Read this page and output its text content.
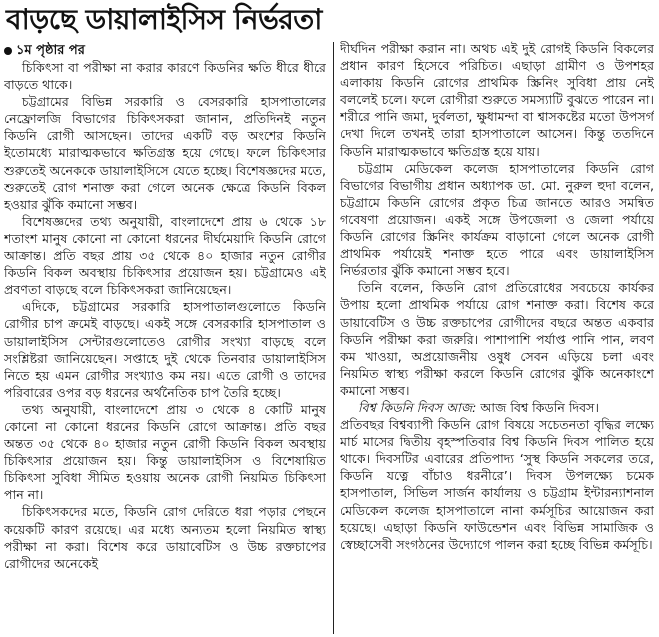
বাড়ছে ডায়ালাইসিস নির্ভরতা
১ম পৃষ্ঠার পর

চিকিৎসা বা পরীক্ষা না করার কারণে কিডনির ক্ষতি ধীরে ধীরে বাড়তে থাকে।

চট্টগ্রামের বিভিন্ন সরকারি ও বেসরকারি হাসপাতালের নেফ্রোলজি বিভাগের চিকিৎসকরা জানান, প্রতিদিনই নতুন কিডনি রোগী আসছেন। তাদের একটি বড় অংশের কিডনি ইতোমধ্যে মারাত্মকভাবে ক্ষতিগ্রস্ত হয়ে গেছে। ফলে চিকিৎসার শুরুতেই অনেককে ডায়ালাইসিসে যেতে হচ্ছে। বিশেষজ্ঞদের মতে, শুরুতেই রোগ শনাক্ত করা গেলে অনেক ক্ষেত্রে কিডনি বিকল হওয়ার ঝুঁকি কমানো সম্ভব।

বিশেষজ্ঞদের তথ্য অনুযায়ী, বাংলাদেশে প্রায় ৬ থেকে ১৮ শতাংশ মানুষ কোনো না কোনো ধরনের দীর্ঘমেয়াদি কিডনি রোগে আক্রান্ত। প্রতি বছর প্রায় ৩৫ থেকে ৪০ হাজার নতুন রোগীর কিডনি বিকল অবস্থায় চিকিৎসার প্রয়োজন হয়। চট্টগ্রামেও এই প্রবণতা বাড়ছে বলে চিকিৎসকরা জানিয়েছেন।

এদিকে, চট্টগ্রামের সরকারি হাসপাতালগুলোতে কিডনি রোগীর চাপ ক্রমেই বাড়ছে। একই সঙ্গে বেসরকারি হাসপাতাল ও ডায়ালাইসিস সেন্টারগুলোতেও রোগীর সংখ্যা বাড়ছে বলে সংশ্লিষ্টরা জানিয়েছেন। সপ্তাহে দুই থেকে তিনবার ডায়ালাইসিস নিতে হয় এমন রোগীর সংখ্যাও কম নয়। এতে রোগী ও তাদের পরিবারের ওপর বড় ধরনের অর্থনৈতিক চাপ তৈরি হচ্ছে।

তথ্য অনুযায়ী, বাংলাদেশে প্রায় ৩ থেকে ৪ কোটি মানুষ কোনো না কোনো ধরনের কিডনি রোগে আক্রান্ত। প্রতি বছর অন্তত ৩৫ থেকে ৪০ হাজার নতুন রোগী কিডনি বিকল অবস্থায় চিকিৎসার প্রয়োজন হয়। কিন্তু ডায়ালাইসিস ও বিশেষায়িত চিকিৎসা সুবিধা সীমিত হওয়ায় অনেক রোগী নিয়মিত চিকিৎসা পান না।

চিকিৎসকদের মতে, কিডনি রোগ দেরিতে ধরা পড়ার পেছনে কয়েকটি কারণ রয়েছে। এর মধ্যে অন্যতম হলো নিয়মিত স্বাস্থ্য পরীক্ষা না করা। বিশেষ করে ডায়াবেটিস ও উচ্চ রক্তচাপের রোগীদের অনেকেই

দীর্ঘদিন পরীক্ষা করান না। অথচ এই দুই রোগই কিডনি বিকলের প্রধান কারণ হিসেবে পরিচিত। এছাড়া গ্রামীণ ও উপশহর এলাকায় কিডনি রোগের প্রাথমিক স্ক্রিনিং সুবিধা প্রায় নেই বললেই চলে। ফলে রোগীরা শুরুতে সমস্যাটি বুঝতে পারেন না। শরীরে পানি জমা, দুর্বলতা, ক্ষুধামন্দা বা শ্বাসকষ্টের মতো উপসর্গ দেখা দিলে তখনই তারা হাসপাতালে আসেন। কিন্তু ততদিনে কিডনি মারাত্মকভাবে ক্ষতিগ্রস্ত হয়ে যায়।

চট্টগ্রাম মেডিকেল কলেজ হাসপাতালের কিডনি রোগ বিভাগের বিভাগীয় প্রধান অধ্যাপক ডা. মো. নুরুল হুদা বলেন, চট্টগ্রামে কিডনি রোগের প্রকৃত চিত্র জানতে আরও সমন্বিত গবেষণা প্রয়োজন। একই সঙ্গে উপজেলা ও জেলা পর্যায়ে কিডনি রোগের স্ক্রিনিং কার্যক্রম বাড়ানো গেলে অনেক রোগী প্রাথমিক পর্যায়েই শনাক্ত হতে পারে এবং ডায়ালাইসিস নির্ভরতার ঝুঁকি কমানো সম্ভব হবে।

তিনি বলেন, কিডনি রোগ প্রতিরোধের সবচেয়ে কার্যকর উপায় হলো প্রাথমিক পর্যায়ে রোগ শনাক্ত করা। বিশেষ করে ডায়াবেটিস ও উচ্চ রক্তচাপের রোগীদের বছরে অন্তত একবার কিডনি পরীক্ষা করা জরুরি। পাশাপাশি পর্যাপ্ত পানি পান, লবণ কম খাওয়া, অপ্রয়োজনীয় ওষুধ সেবন এড়িয়ে চলা এবং নিয়মিত স্বাস্থ্য পরীক্ষা করলে কিডনি রোগের ঝুঁকি অনেকাংশে কমানো সম্ভব।

বিশ্ব কিডনি দিবস আজ: আজ বিশ্ব কিডনি দিবস।

প্রতিবছর বিশ্বব্যাপী কিডনি রোগ বিষয়ে সচেতনতা বৃদ্ধির লক্ষ্যে মার্চ মাসের দ্বিতীয় বৃহস্পতিবার বিশ্ব কিডনি দিবস পালিত হয়ে থাকে। দিবসটির এবারের প্রতিপাদ্য ‘সুস্থ কিডনি সকলের তরে, কিডনি যত্নে বাঁচাও ধরনীরে’। দিবস উপলক্ষ্যে চমেক হাসপাতাল, সিভিল সার্জন কার্যালয় ও চট্টগ্রাম ইন্টারন্যাশনাল মেডিকেল কলেজ হাসপাতালে নানা কর্মসূচির আয়োজন করা হয়েছে। এছাড়া কিডনি ফাউন্ডেশন এবং বিভিন্ন সামাজিক ও স্বেচ্ছাসেবী সংগঠনের উদ্যোগে পালন করা হচ্ছে বিভিন্ন কর্মসূচি।
